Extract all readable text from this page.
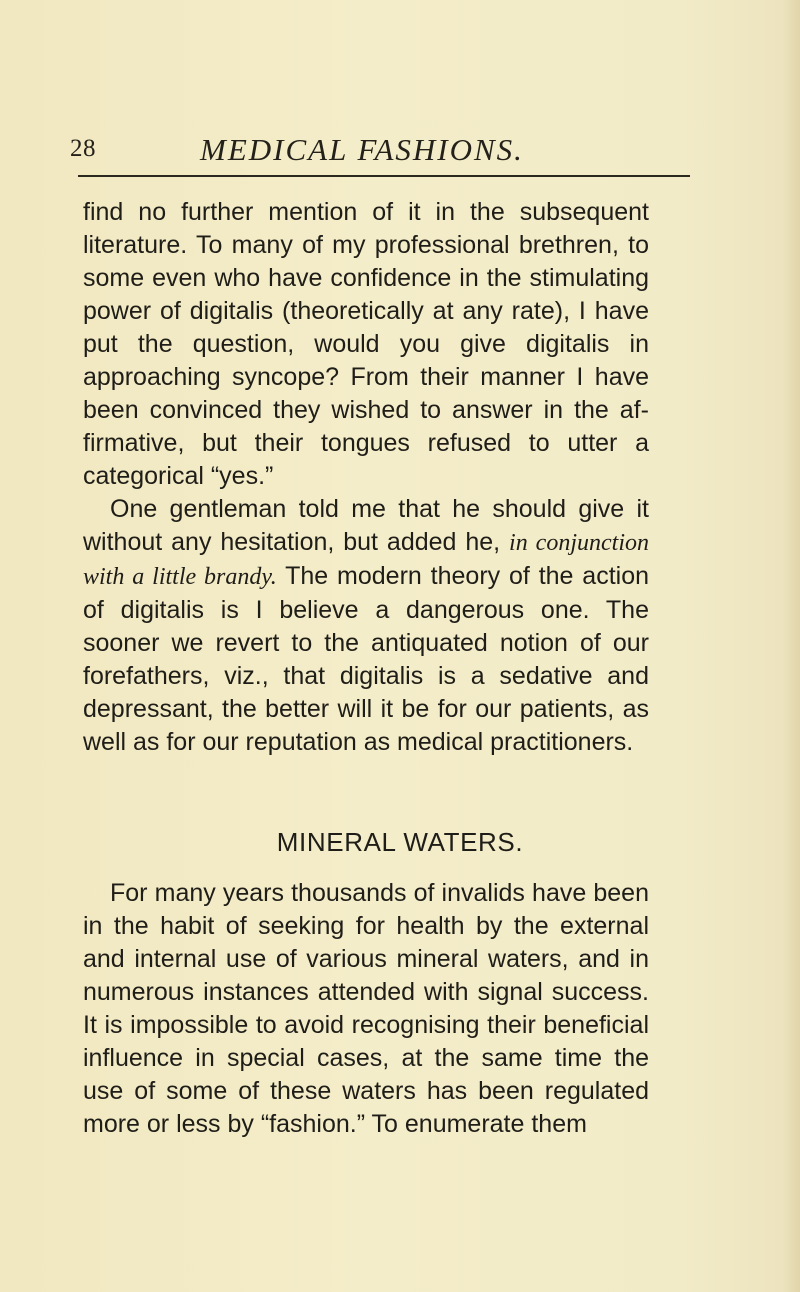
28	MEDICAL FASHIONS.

find no further mention of it in the subsequent literature. To many of my professional brethren, to some even who have confidence in the stimulating power of digitalis (theoretically at any rate), I have put the question, would you give digitalis in approaching syncope? From their manner I have been convinced they wished to answer in the affirmative, but their tongues refused to utter a categorical “yes.”

One gentleman told me that he should give it without any hesitation, but added he, in conjunction with a little brandy. The modern theory of the action of digitalis is I believe a dangerous one. The sooner we revert to the antiquated notion of our forefathers, viz., that digitalis is a sedative and depressant, the better will it be for our patients, as well as for our reputation as medical practitioners.

MINERAL WATERS.

For many years thousands of invalids have been in the habit of seeking for health by the external and internal use of various mineral waters, and in numerous instances attended with signal success. It is impossible to avoid recognising their beneficial influence in special cases, at the same time the use of some of these waters has been regulated more or less by “fashion.” To enumerate them
